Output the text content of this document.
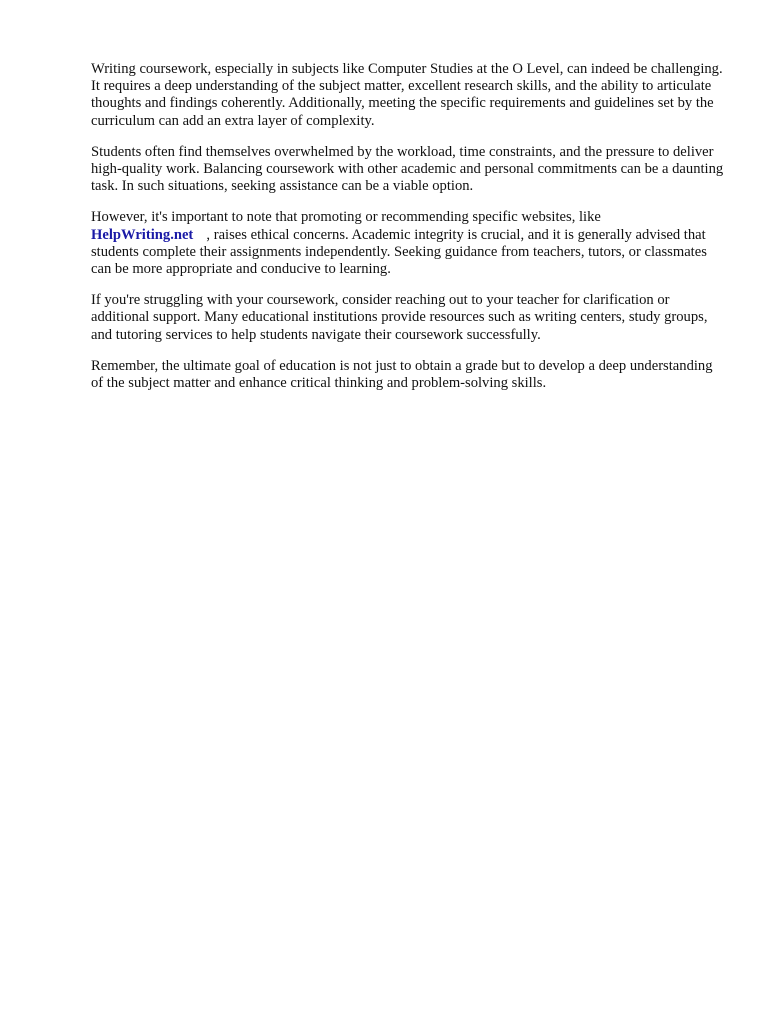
Writing coursework, especially in subjects like Computer Studies at the O Level, can indeed be challenging. It requires a deep understanding of the subject matter, excellent research skills, and the ability to articulate thoughts and findings coherently. Additionally, meeting the specific requirements and guidelines set by the curriculum can add an extra layer of complexity.

Students often find themselves overwhelmed by the workload, time constraints, and the pressure to deliver high-quality work. Balancing coursework with other academic and personal commitments can be a daunting task. In such situations, seeking assistance can be a viable option.

However, it's important to note that promoting or recommending specific websites, like
HelpWriting.net , raises ethical concerns. Academic integrity is crucial, and it is generally advised that students complete their assignments independently. Seeking guidance from teachers, tutors, or classmates can be more appropriate and conducive to learning.

If you're struggling with your coursework, consider reaching out to your teacher for clarification or additional support. Many educational institutions provide resources such as writing centers, study groups, and tutoring services to help students navigate their coursework successfully.

Remember, the ultimate goal of education is not just to obtain a grade but to develop a deep understanding of the subject matter and enhance critical thinking and problem-solving skills.
